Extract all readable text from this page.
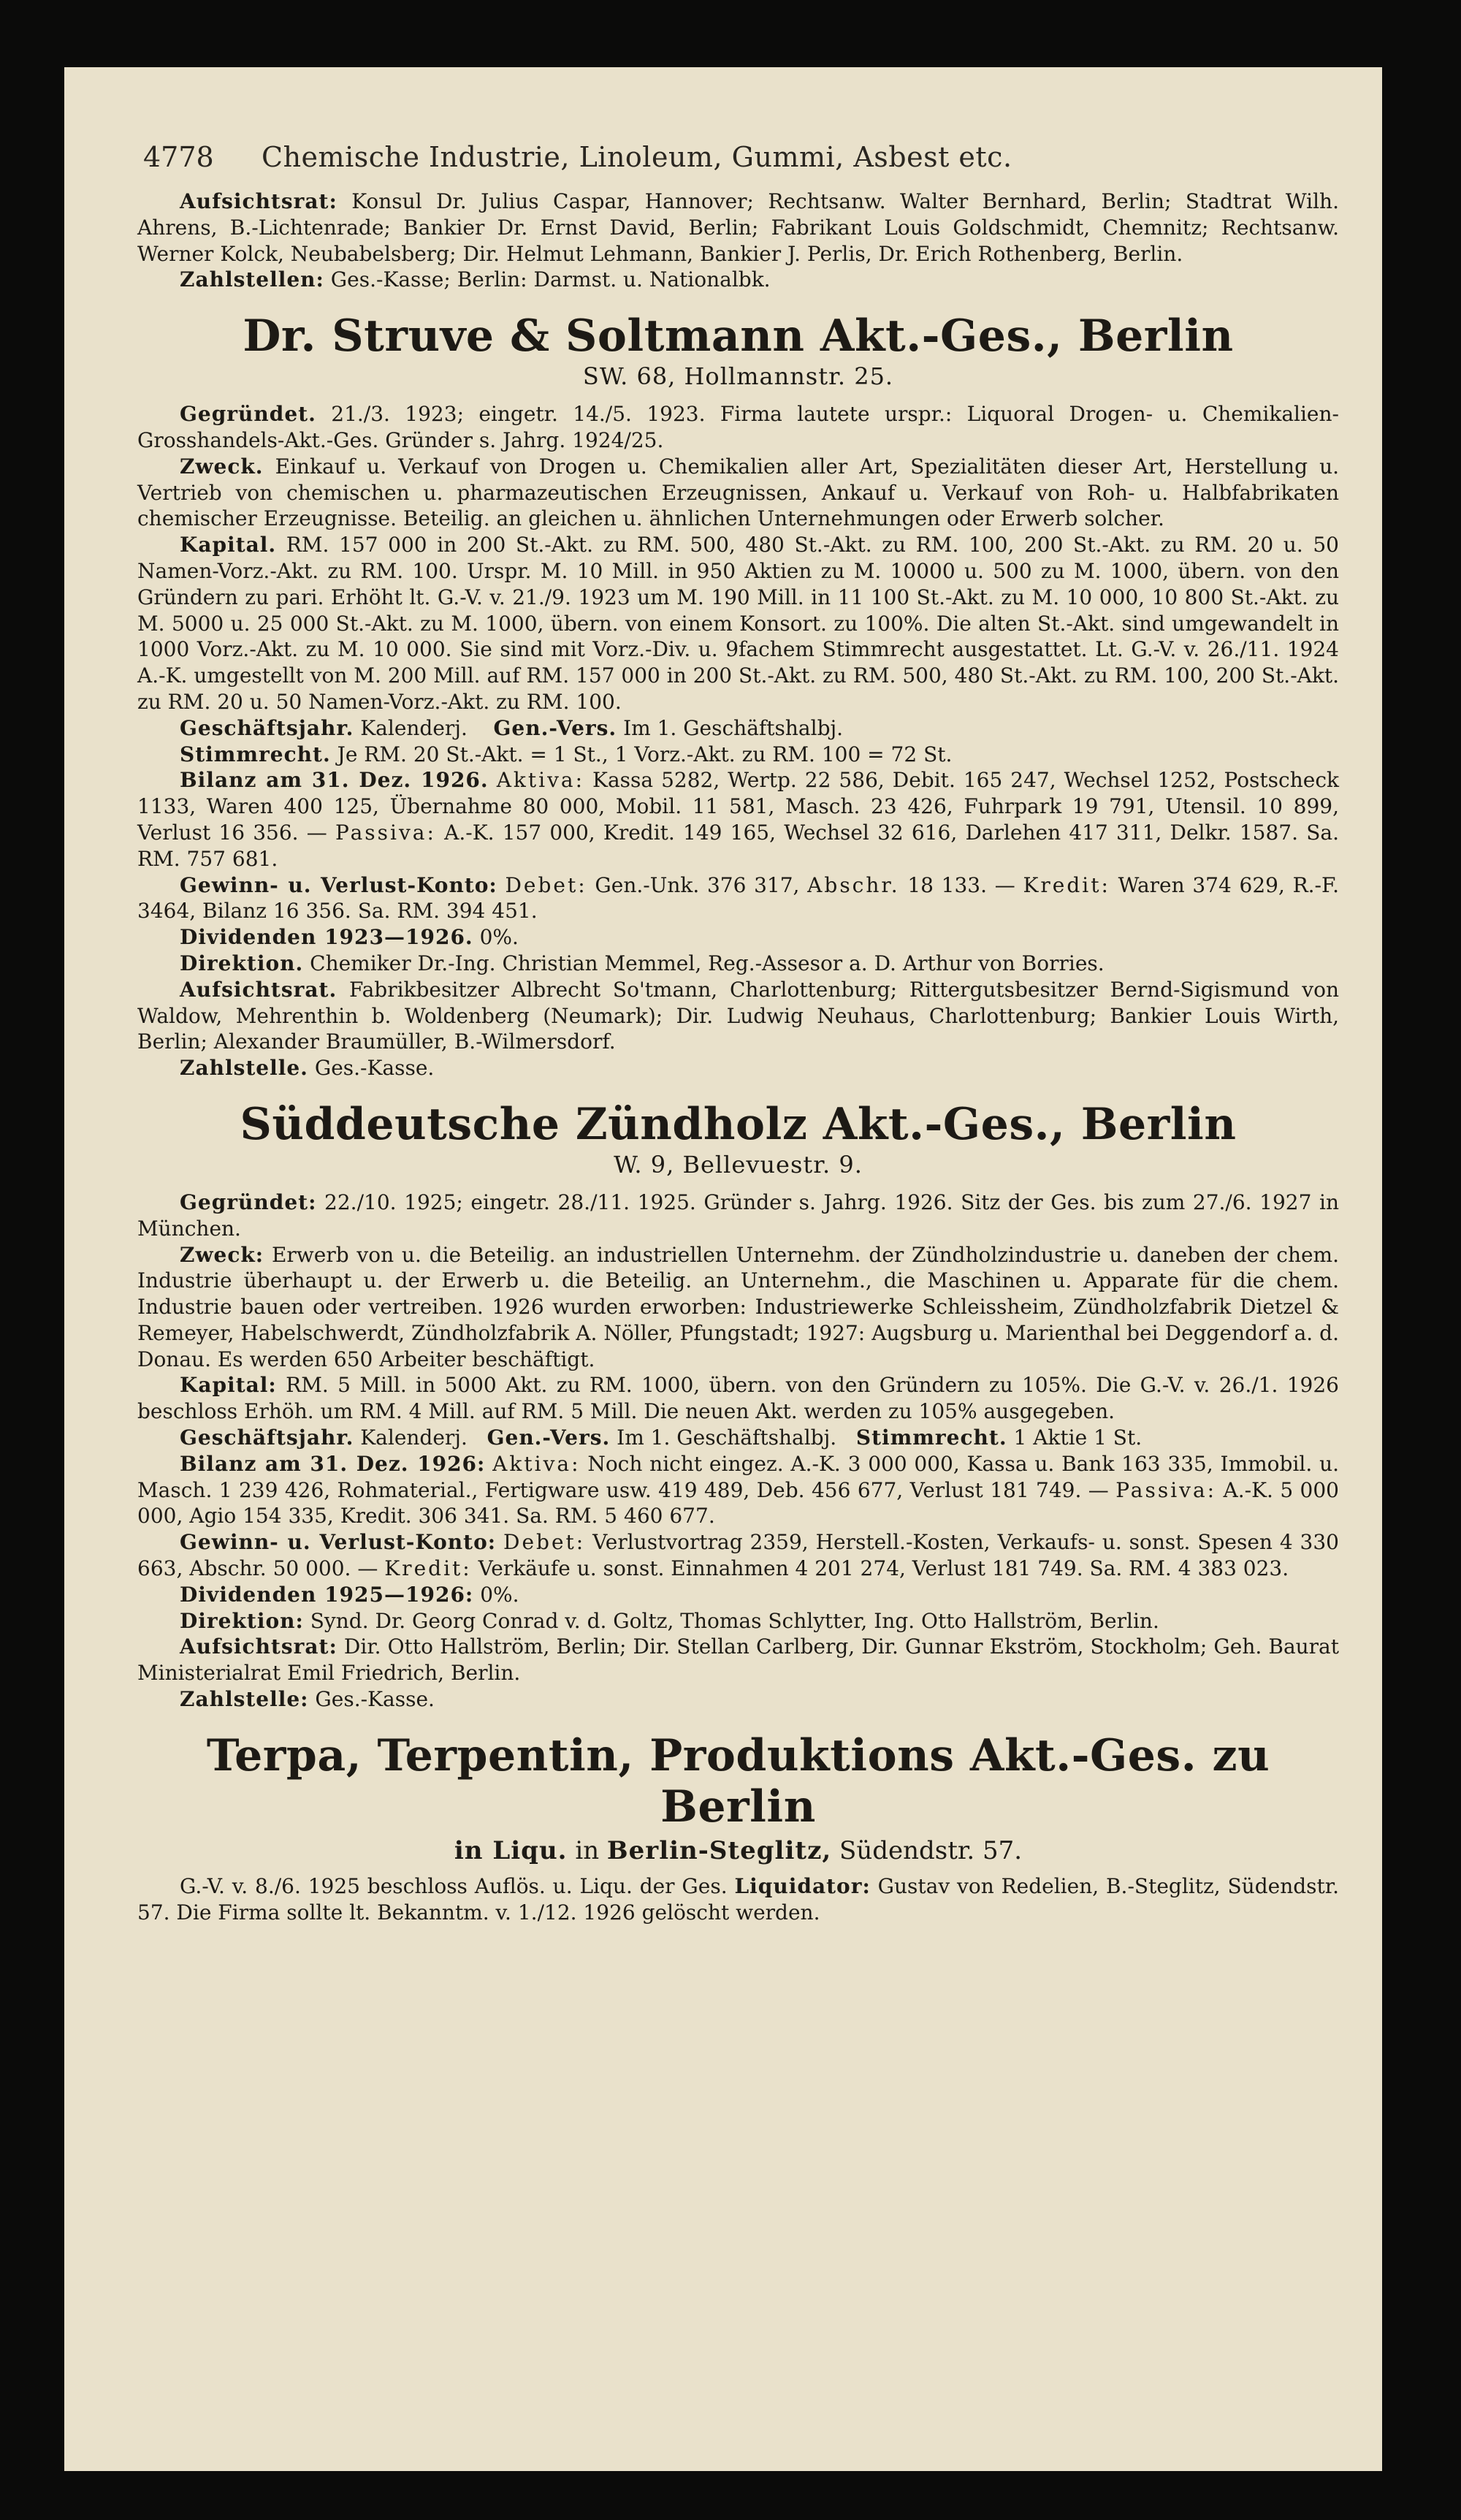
4778 Chemische Industrie, Linoleum, Gummi, Asbest etc.

Aufsichtsrat: Konsul Dr. Julius Caspar, Hannover; Rechtsanw. Walter Bernhard, Berlin; Stadtrat Wilh. Ahrens, B.-Lichtenrade; Bankier Dr. Ernst David, Berlin; Fabrikant Louis Goldschmidt, Chemnitz; Rechtsanw. Werner Kolck, Neubabelsberg; Dir. Helmut Lehmann, Bankier J. Perlis, Dr. Erich Rothenberg, Berlin.

Zahlstellen: Ges.-Kasse; Berlin: Darmst. u. Nationalbk.

Dr. Struve & Soltmann Akt.-Ges., Berlin
SW. 68, Hollmannstr. 25.

Gegründet. 21./3. 1923; eingetr. 14./5. 1923. Firma lautete urspr.: Liquoral Drogen- u. Chemikalien-Grosshandels-Akt.-Ges. Gründer s. Jahrg. 1924/25.

Zweck. Einkauf u. Verkauf von Drogen u. Chemikalien aller Art, Spezialitäten dieser Art, Herstellung u. Vertrieb von chemischen u. pharmazeutischen Erzeugnissen, Ankauf u. Verkauf von Roh- u. Halbfabrikaten chemischer Erzeugnisse. Beteilig. an gleichen u. ähnlichen Unternehmungen oder Erwerb solcher.

Kapital. RM. 157 000 in 200 St.-Akt. zu RM. 500, 480 St.-Akt. zu RM. 100, 200 St.-Akt. zu RM. 20 u. 50 Namen-Vorz.-Akt. zu RM. 100. Urspr. M. 10 Mill. in 950 Aktien zu M. 10000 u. 500 zu M. 1000, übern. von den Gründern zu pari. Erhöht lt. G.-V. v. 21./9. 1923 um M. 190 Mill. in 11 100 St.-Akt. zu M. 10 000, 10 800 St.-Akt. zu M. 5000 u. 25 000 St.-Akt. zu M. 1000, übern. von einem Konsort. zu 100%. Die alten St.-Akt. sind umgewandelt in 1000 Vorz.-Akt. zu M. 10 000. Sie sind mit Vorz.-Div. u. 9fachem Stimmrecht ausgestattet. Lt. G.-V. v. 26./11. 1924 A.-K. umgestellt von M. 200 Mill. auf RM. 157 000 in 200 St.-Akt. zu RM. 500, 480 St.-Akt. zu RM. 100, 200 St.-Akt. zu RM. 20 u. 50 Namen-Vorz.-Akt. zu RM. 100.

Geschäftsjahr. Kalenderj. Gen.-Vers. Im 1. Geschäftshalbj.

Stimmrecht. Je RM. 20 St.-Akt. = 1 St., 1 Vorz.-Akt. zu RM. 100 = 72 St.

Bilanz am 31. Dez. 1926. Aktiva: Kassa 5282, Wertp. 22 586, Debit. 165 247, Wechsel 1252, Postscheck 1133, Waren 400 125, Übernahme 80 000, Mobil. 11 581, Masch. 23 426, Fuhrpark 19 791, Utensil. 10 899, Verlust 16 356. — Passiva: A.-K. 157 000, Kredit. 149 165, Wechsel 32 616, Darlehen 417 311, Delkr. 1587. Sa. RM. 757 681.

Gewinn- u. Verlust-Konto: Debet: Gen.-Unk. 376 317, Abschr. 18 133. — Kredit: Waren 374 629, R.-F. 3464, Bilanz 16 356. Sa. RM. 394 451.

Dividenden 1923—1926. 0%.

Direktion. Chemiker Dr.-Ing. Christian Memmel, Reg.-Assesor a. D. Arthur von Borries.

Aufsichtsrat. Fabrikbesitzer Albrecht So'tmann, Charlottenburg; Rittergutsbesitzer Bernd-Sigismund von Waldow, Mehrenthin b. Woldenberg (Neumark); Dir. Ludwig Neuhaus, Charlottenburg; Bankier Louis Wirth, Berlin; Alexander Braumüller, B.-Wilmersdorf.

Zahlstelle. Ges.-Kasse.

Süddeutsche Zündholz Akt.-Ges., Berlin
W. 9, Bellevuestr. 9.

Gegründet: 22./10. 1925; eingetr. 28./11. 1925. Gründer s. Jahrg. 1926. Sitz der Ges. bis zum 27./6. 1927 in München.

Zweck: Erwerb von u. die Beteilig. an industriellen Unternehm. der Zündholzindustrie u. daneben der chem. Industrie überhaupt u. der Erwerb u. die Beteilig. an Unternehm., die Maschinen u. Apparate für die chem. Industrie bauen oder vertreiben. 1926 wurden erworben: Industriewerke Schleissheim, Zündholzfabrik Dietzel & Remeyer, Habelschwerdt, Zündholzfabrik A. Nöller, Pfungstadt; 1927: Augsburg u. Marienthal bei Deggendorf a. d. Donau. Es werden 650 Arbeiter beschäftigt.

Kapital: RM. 5 Mill. in 5000 Akt. zu RM. 1000, übern. von den Gründern zu 105%. Die G.-V. v. 26./1. 1926 beschloss Erhöh. um RM. 4 Mill. auf RM. 5 Mill. Die neuen Akt. werden zu 105% ausgegeben.

Geschäftsjahr. Kalenderj. Gen.-Vers. Im 1. Geschäftshalbj. Stimmrecht. 1 Aktie 1 St.

Bilanz am 31. Dez. 1926: Aktiva: Noch nicht eingez. A.-K. 3 000 000, Kassa u. Bank 163 335, Immobil. u. Masch. 1 239 426, Rohmaterial., Fertigware usw. 419 489, Deb. 456 677, Verlust 181 749. — Passiva: A.-K. 5 000 000, Agio 154 335, Kredit. 306 341. Sa. RM. 5 460 677.

Gewinn- u. Verlust-Konto: Debet: Verlustvortrag 2359, Herstell.-Kosten, Verkaufs- u. sonst. Spesen 4 330 663, Abschr. 50 000. — Kredit: Verkäufe u. sonst. Einnahmen 4 201 274, Verlust 181 749. Sa. RM. 4 383 023.

Dividenden 1925—1926: 0%.

Direktion: Synd. Dr. Georg Conrad v. d. Goltz, Thomas Schlytter, Ing. Otto Hallström, Berlin.

Aufsichtsrat: Dir. Otto Hallström, Berlin; Dir. Stellan Carlberg, Dir. Gunnar Ekström, Stockholm; Geh. Baurat Ministerialrat Emil Friedrich, Berlin.

Zahlstelle: Ges.-Kasse.

Terpa, Terpentin, Produktions Akt.-Ges. zu Berlin
in Liqu. in Berlin-Steglitz, Südendstr. 57.

G.-V. v. 8./6. 1925 beschloss Auflös. u. Liqu. der Ges. Liquidator: Gustav von Redelien, B.-Steglitz, Südendstr. 57. Die Firma sollte lt. Bekanntm. v. 1./12. 1926 gelöscht werden.
